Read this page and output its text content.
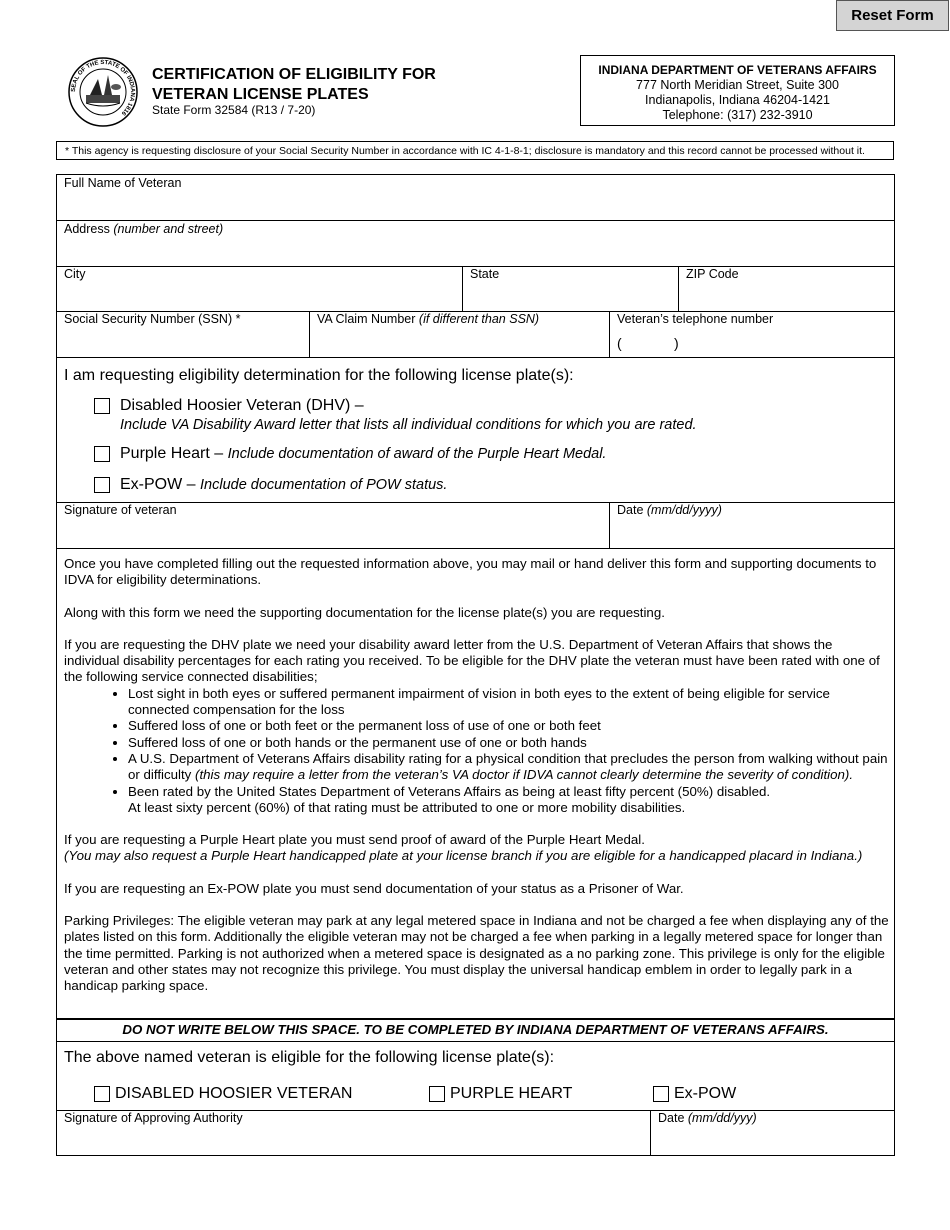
Reset Form
SEAL OF THE STATE OF INDIANA 1816
CERTIFICATION OF ELIGIBILITY FOR
VETERAN LICENSE PLATES
State Form 32584 (R13 / 7-20)
INDIANA DEPARTMENT OF VETERANS AFFAIRS
777 North Meridian Street, Suite 300
Indianapolis, Indiana 46204-1421
Telephone: (317) 232-3910
* This agency is requesting disclosure of your Social Security Number in accordance with IC 4-1-8-1; disclosure is mandatory and this record cannot be processed without it.
Full Name of Veteran
Address (number and street)
City	State	ZIP Code
Social Security Number (SSN) *	VA Claim Number (if different than SSN)	Veteran’s telephone number
(	)
I am requesting eligibility determination for the following license plate(s):
Disabled Hoosier Veteran (DHV) –
Include VA Disability Award letter that lists all individual conditions for which you are rated.
Purple Heart – Include documentation of award of the Purple Heart Medal.
Ex-POW – Include documentation of POW status.
Signature of veteran	Date (mm/dd/yyyy)

Once you have completed filling out the requested information above, you may mail or hand deliver this form and supporting documents to IDVA for eligibility determinations.

Along with this form we need the supporting documentation for the license plate(s) you are requesting.

If you are requesting the DHV plate we need your disability award letter from the U.S. Department of Veteran Affairs that shows the individual disability percentages for each rating you received. To be eligible for the DHV plate the veteran must have been rated with one of the following service connected disabilities;

• Lost sight in both eyes or suffered permanent impairment of vision in both eyes to the extent of being eligible for service connected compensation for the loss
• Suffered loss of one or both feet or the permanent loss of use of one or both feet
• Suffered loss of one or both hands or the permanent use of one or both hands
• A U.S. Department of Veterans Affairs disability rating for a physical condition that precludes the person from walking without pain or difficulty (this may require a letter from the veteran’s VA doctor if IDVA cannot clearly determine the severity of condition).
• Been rated by the United States Department of Veterans Affairs as being at least fifty percent (50%) disabled.
At least sixty percent (60%) of that rating must be attributed to one or more mobility disabilities.

If you are requesting a Purple Heart plate you must send proof of award of the Purple Heart Medal.
(You may also request a Purple Heart handicapped plate at your license branch if you are eligible for a handicapped placard in Indiana.)

If you are requesting an Ex-POW plate you must send documentation of your status as a Prisoner of War.

Parking Privileges: The eligible veteran may park at any legal metered space in Indiana and not be charged a fee when displaying any of the plates listed on this form. Additionally the eligible veteran may not be charged a fee when parking in a legally metered space for longer than the time permitted. Parking is not authorized when a metered space is designated as a no parking zone. This privilege is only for the eligible veteran and other states may not recognize this privilege. You must display the universal handicap emblem in order to legally park in a handicap parking space.

DO NOT WRITE BELOW THIS SPACE. TO BE COMPLETED BY INDIANA DEPARTMENT OF VETERANS AFFAIRS.
The above named veteran is eligible for the following license plate(s):
DISABLED HOOSIER VETERAN	PURPLE HEART	Ex-POW
Signature of Approving Authority	Date (mm/dd/yyy)
